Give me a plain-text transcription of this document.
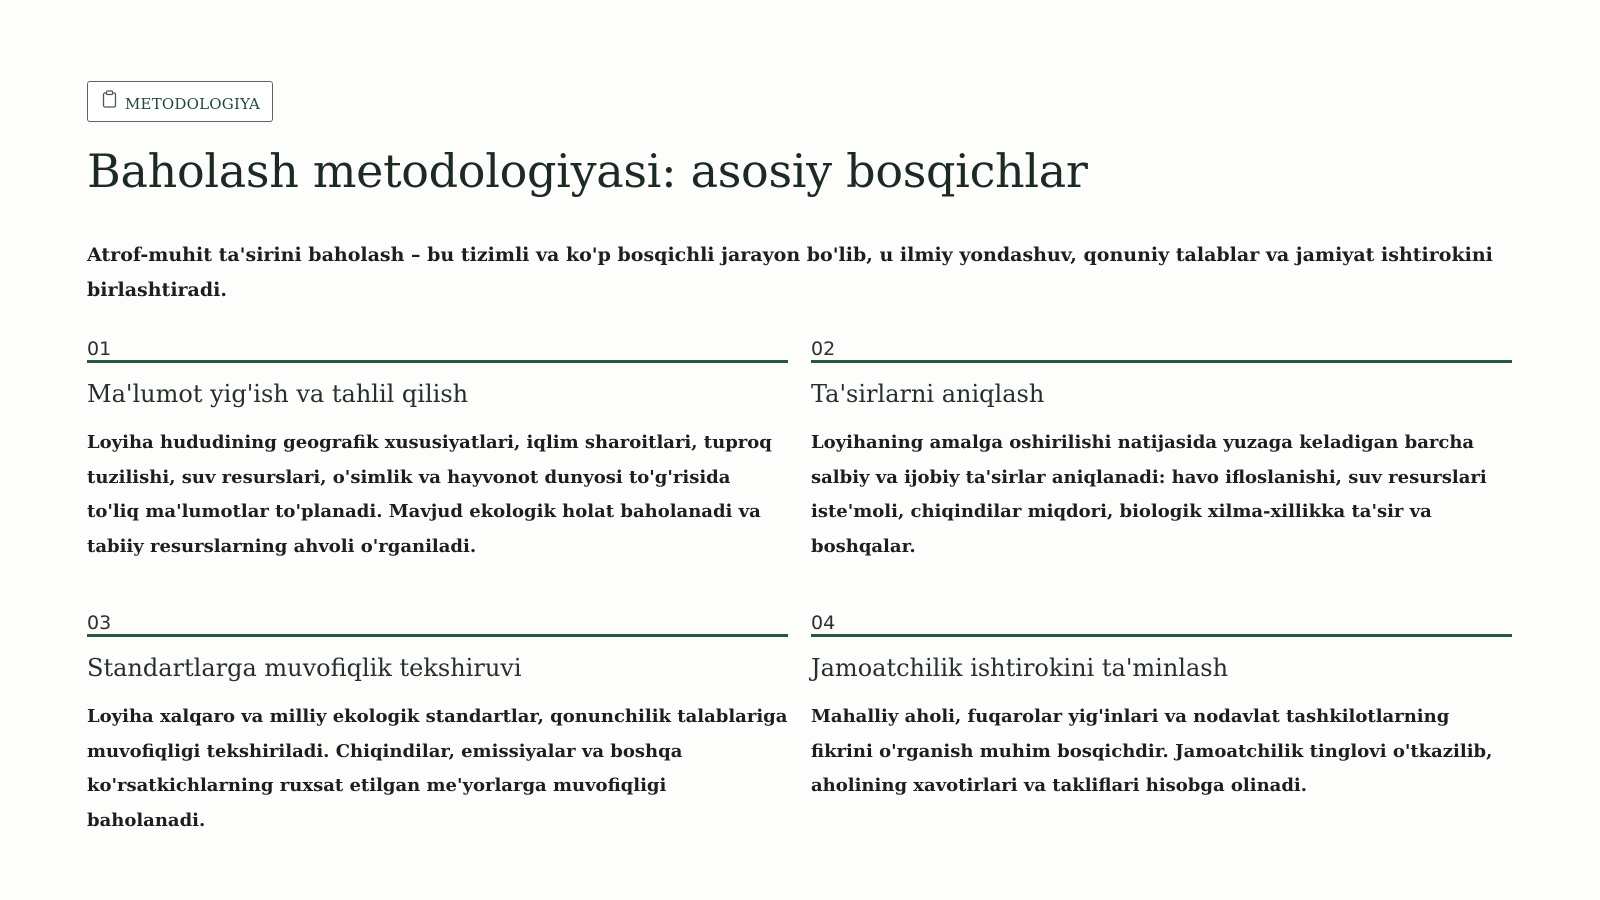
METODOLOGIYA
Baholash metodologiyasi: asosiy bosqichlar

Atrof-muhit ta'sirini baholash – bu tizimli va ko'p bosqichli jarayon bo'lib, u ilmiy yondashuv, qonuniy talablar va jamiyat ishtirokini birlashtiradi.

01
Ma'lumot yig'ish va tahlil qilish
Loyiha hududining geografik xususiyatlari, iqlim sharoitlari, tuproq tuzilishi, suv resurslari, o'simlik va hayvonot dunyosi to'g'risida to'liq ma'lumotlar to'planadi. Mavjud ekologik holat baholanadi va tabiiy resurslarning ahvoli o'rganiladi.
02
Ta'sirlarni aniqlash
Loyihaning amalga oshirilishi natijasida yuzaga keladigan barcha salbiy va ijobiy ta'sirlar aniqlanadi: havo ifloslanishi, suv resurslari iste'moli, chiqindilar miqdori, biologik xilma-xillikka ta'sir va boshqalar.
03
Standartlarga muvofiqlik tekshiruvi
Loyiha xalqaro va milliy ekologik standartlar, qonunchilik talablariga muvofiqligi tekshiriladi. Chiqindilar, emissiyalar va boshqa ko'rsatkichlarning ruxsat etilgan me'yorlarga muvofiqligi baholanadi.
04
Jamoatchilik ishtirokini ta'minlash
Mahalliy aholi, fuqarolar yig'inlari va nodavlat tashkilotlarning fikrini o'rganish muhim bosqichdir. Jamoatchilik tinglovi o'tkazilib, aholining xavotirlari va takliflari hisobga olinadi.
